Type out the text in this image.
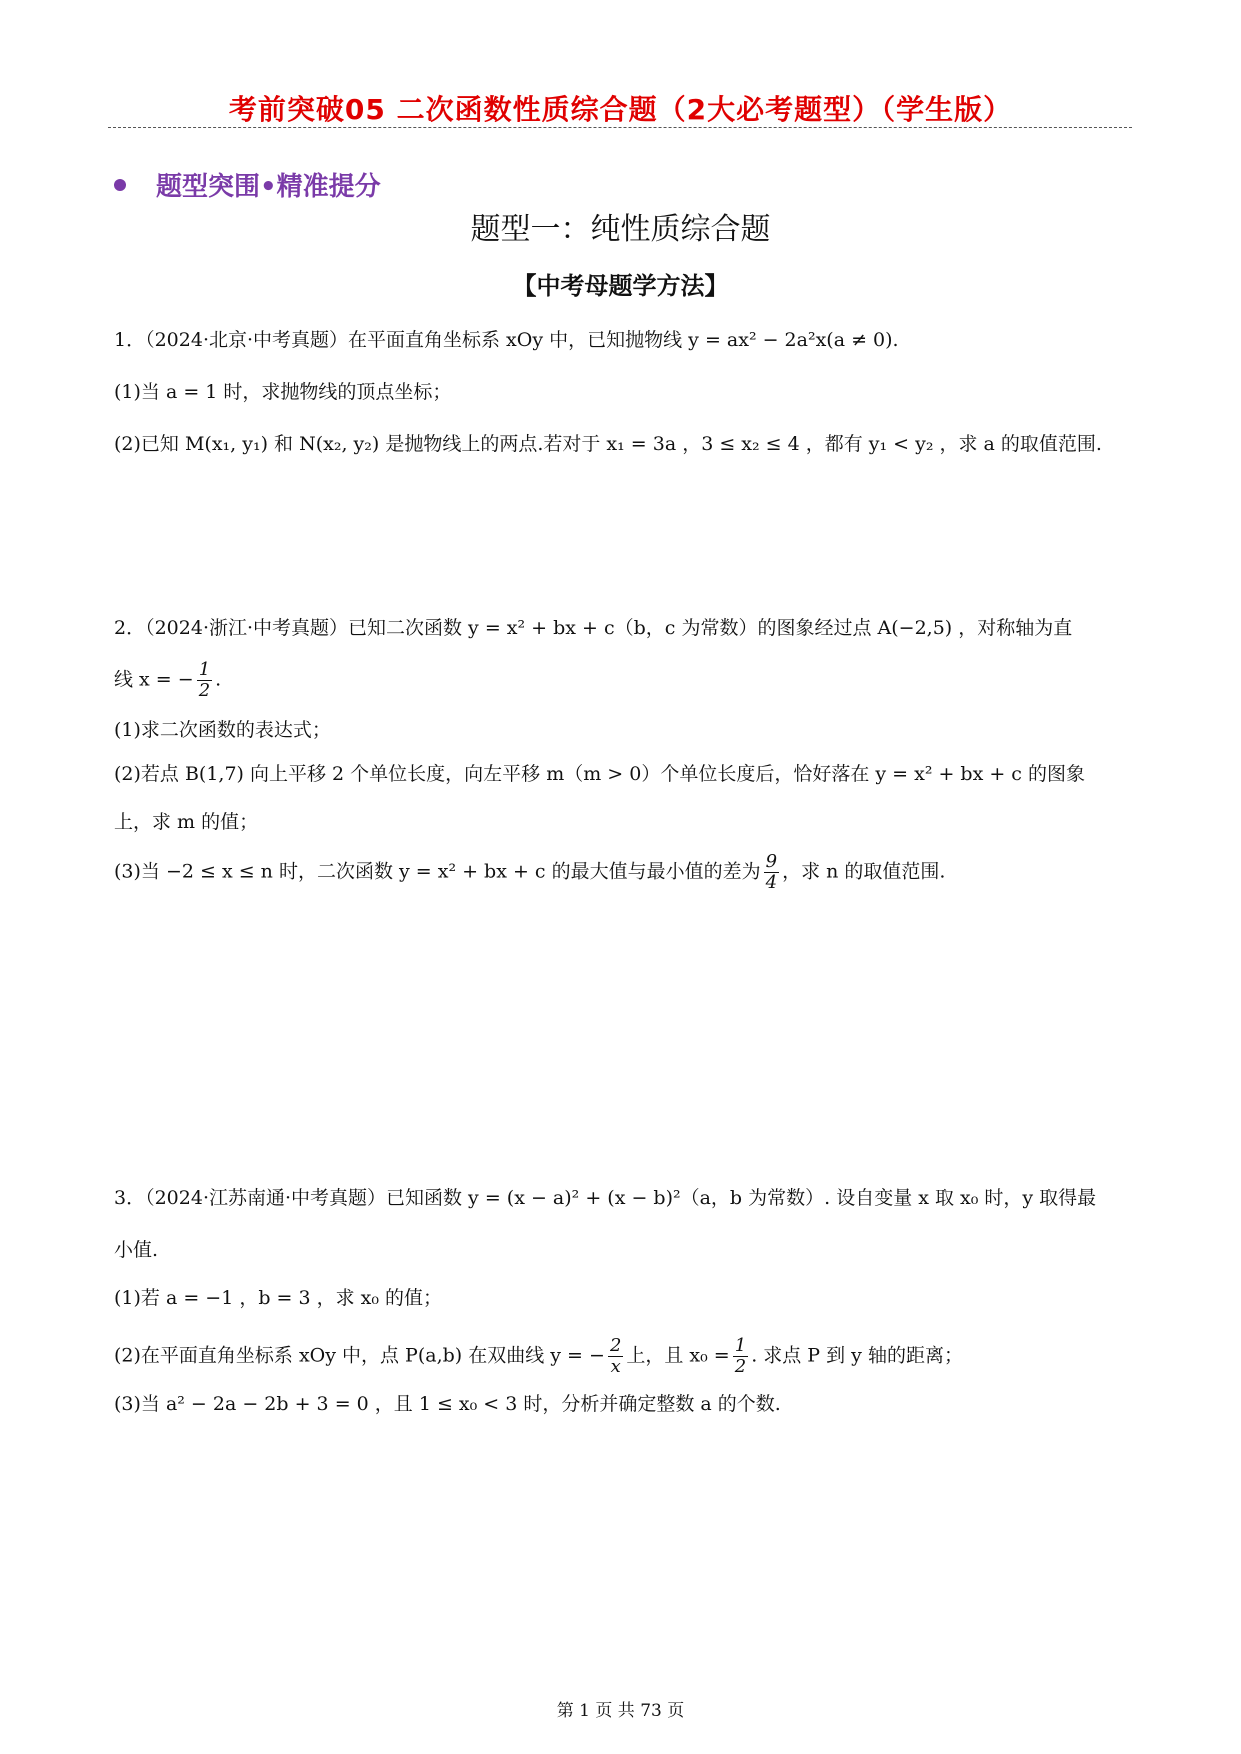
考前突破05 二次函数性质综合题（2大必考题型）（学生版）
题型突围•精准提分
题型一：纯性质综合题
【中考母题学方法】
1．（2024·北京·中考真题）在平面直角坐标系 xOy 中，已知抛物线 y = ax² − 2a²x(a ≠ 0).
(1)当 a = 1 时，求抛物线的顶点坐标；
(2)已知 M(x₁, y₁) 和 N(x₂, y₂) 是抛物线上的两点.若对于 x₁ = 3a ，3 ≤ x₂ ≤ 4 ，都有 y₁ < y₂ ，求 a 的取值范围.
2．（2024·浙江·中考真题）已知二次函数 y = x² + bx + c（b，c 为常数）的图象经过点 A(−2,5) ，对称轴为直
线 x = − $\frac{1}{2}$ .
(1)求二次函数的表达式；
(2)若点 B(1,7) 向上平移 2 个单位长度，向左平移 m（m > 0）个单位长度后，恰好落在 y = x² + bx + c 的图象
上，求 m 的值；
(3)当 −2 ≤ x ≤ n 时，二次函数 y = x² + bx + c 的最大值与最小值的差为 $\frac{9}{4}$ ，求 n 的取值范围.
3．（2024·江苏南通·中考真题）已知函数 y = (x − a)² + (x − b)²（a，b 为常数）. 设自变量 x 取 x₀ 时，y 取得最
小值.
(1)若 a = −1 ，b = 3 ，求 x₀ 的值；
(2)在平面直角坐标系 xOy 中，点 P(a,b) 在双曲线 y = − $\frac{2}{x}$ 上，且 $x_0 = \frac{1}{2}$ . 求点 P 到 y 轴的距离；
(3)当 a² − 2a − 2b + 3 = 0 ，且 1 ≤ x₀ < 3 时，分析并确定整数 a 的个数.
第 1 页 共 73 页
